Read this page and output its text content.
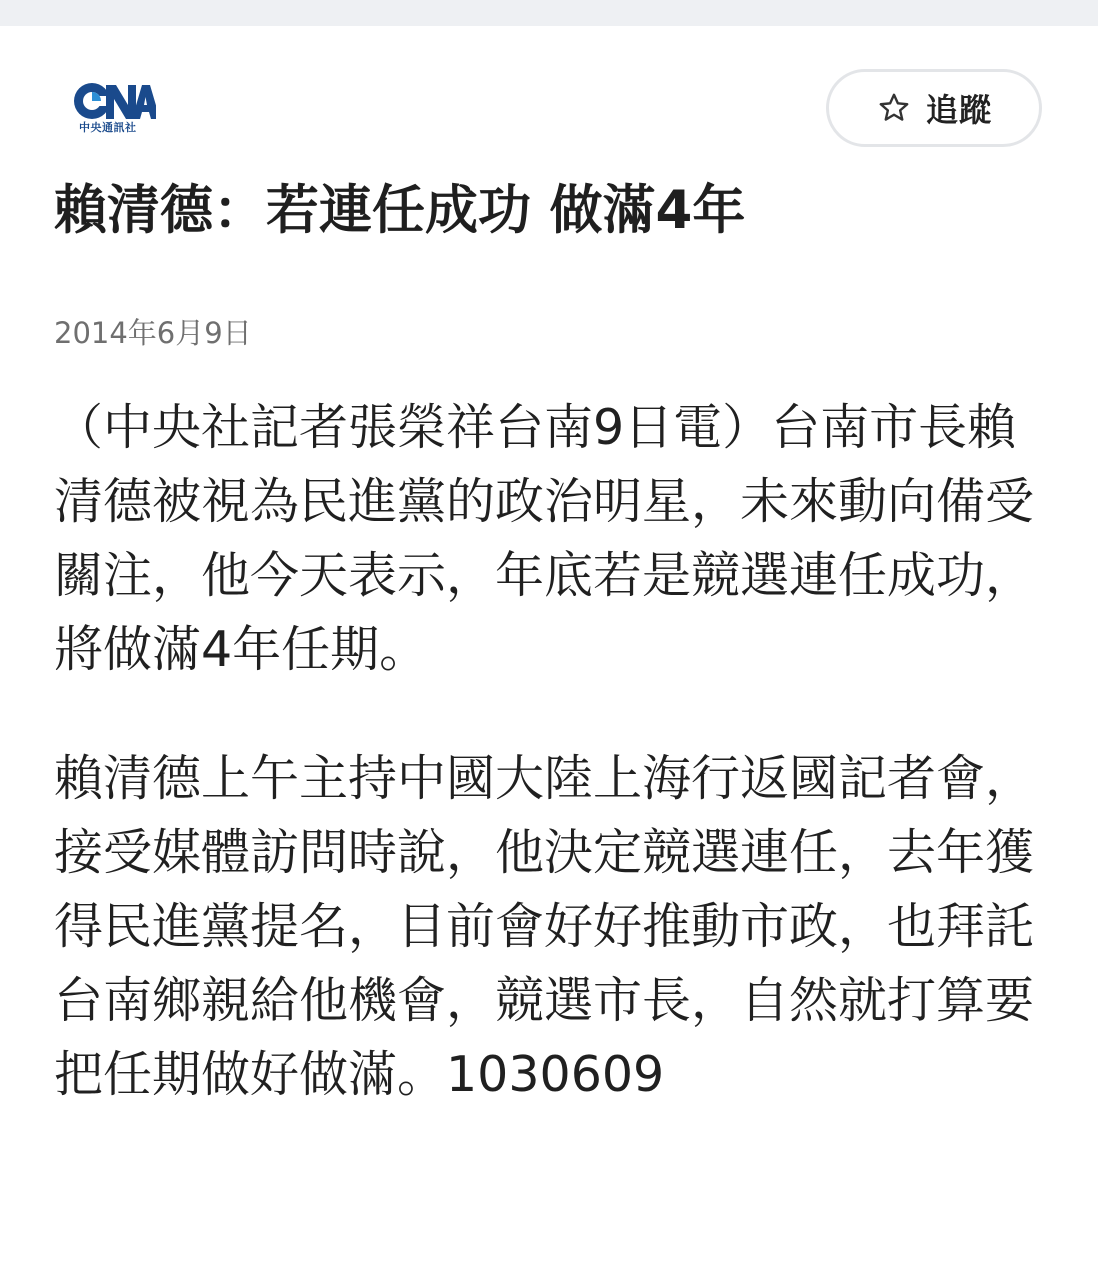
中央通訊社	追蹤
賴清德：若連任成功 做滿4年
2014年6月9日

（中央社記者張榮祥台南9日電）台南市長賴清德被視為民進黨的政治明星，未來動向備受關注，他今天表示，年底若是競選連任成功，將做滿4年任期。

賴清德上午主持中國大陸上海行返國記者會，接受媒體訪問時說，他決定競選連任，去年獲得民進黨提名，目前會好好推動市政，也拜託台南鄉親給他機會，競選市長，自然就打算要把任期做好做滿。1030609
